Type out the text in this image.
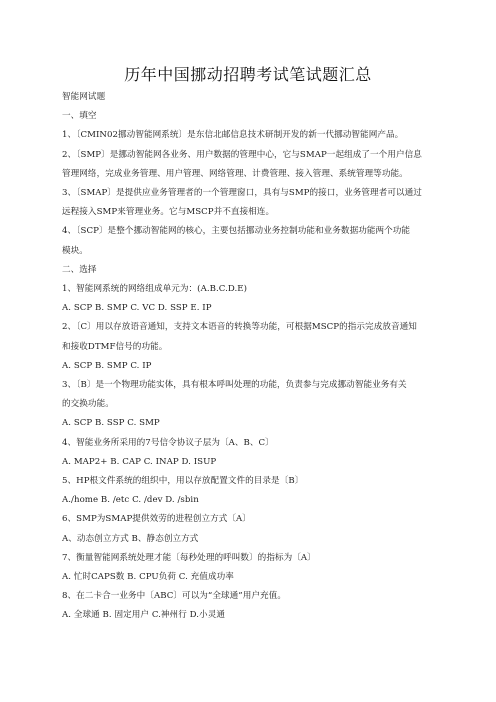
历年中国挪动招聘考试笔试题汇总
智能网试题
一、填空
1、〔CMIN02挪动智能网系统〕是东信北邮信息技术研制开发的新一代挪动智能网产品。
2、〔SMP〕是挪动智能网各业务、用户数据的管理中心，它与SMAP一起组成了一个用户信息
管理网络，完成业务管理、用户管理、网络管理、计费管理、接入管理、系统管理等功能。
3、〔SMAP〕是提供应业务管理者的一个管理窗口，具有与SMP的接口，业务管理者可以通过
远程接入SMP来管理业务。它与MSCP并不直接相连。
4、〔SCP〕是整个挪动智能网的核心，主要包括挪动业务控制功能和业务数据功能两个功能
模块。
二、选择
1、智能网系统的网络组成单元为：(A.B.C.D.E)
A. SCP B. SMP C. VC D. SSP E. IP
2、〔C〕用以存放语音通知，支持文本语音的转换等功能，可根据MSCP的指示完成放音通知
和接收DTMF信号的功能。
A. SCP B. SMP C. IP
3、〔B〕是一个物理功能实体，具有根本呼叫处理的功能，负责参与完成挪动智能业务有关
的交换功能。
A. SCP B. SSP C. SMP
4、智能业务所采用的7号信令协议子层为〔A、B、C〕
A. MAP2+ B. CAP C. INAP D. ISUP
5、HP根文件系统的组织中，用以存放配置文件的目录是〔B〕
A./home B. /etc C. /dev D. /sbin
6、SMP为SMAP提供效劳的进程创立方式〔A〕
A、动态创立方式 B、静态创立方式
7、衡量智能网系统处理才能〔每秒处理的呼叫数〕的指标为〔A〕
A. 忙时CAPS数 B. CPU负荷 C. 充值成功率
8、在二卡合一业务中〔ABC〕可以为“全球通”用户充值。
A. 全球通 B. 固定用户 C.神州行 D.小灵通
